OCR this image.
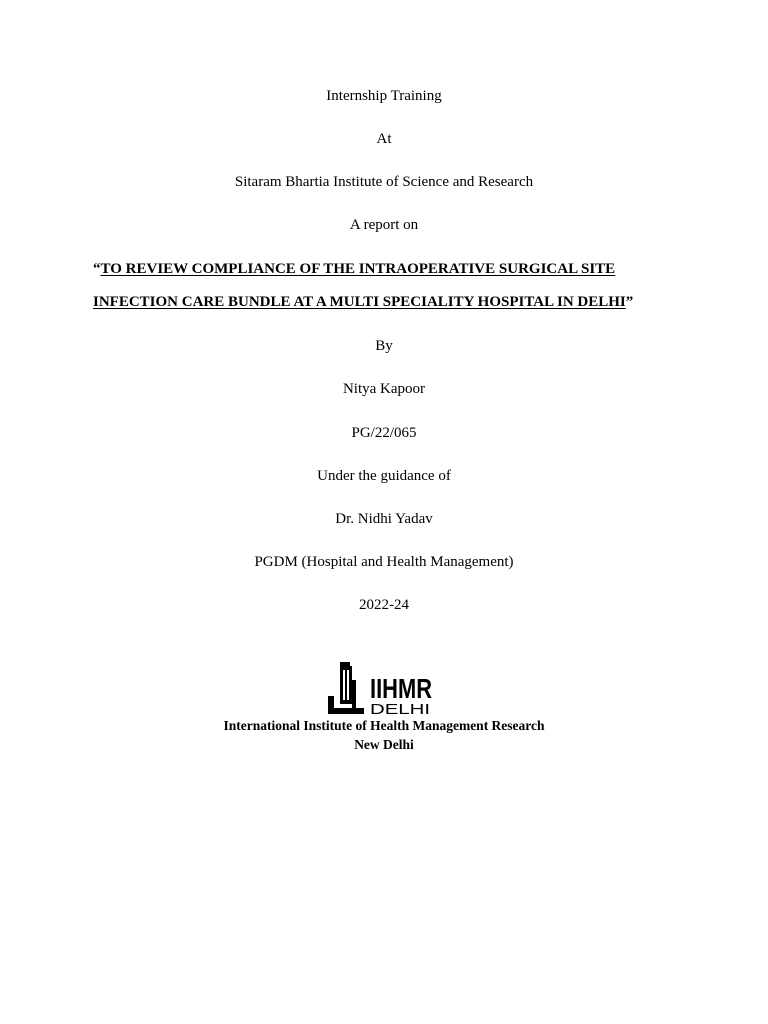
Internship Training
At
Sitaram Bhartia Institute of Science and Research
A report on
“TO REVIEW COMPLIANCE OF THE INTRAOPERATIVE SURGICAL SITE
INFECTION CARE BUNDLE AT A MULTI SPECIALITY HOSPITAL IN DELHI”
By
Nitya Kapoor
PG/22/065
Under the guidance of
Dr. Nidhi Yadav
PGDM (Hospital and Health Management)
2022-24
IIHMR
DELHI
International Institute of Health Management Research
New Delhi
